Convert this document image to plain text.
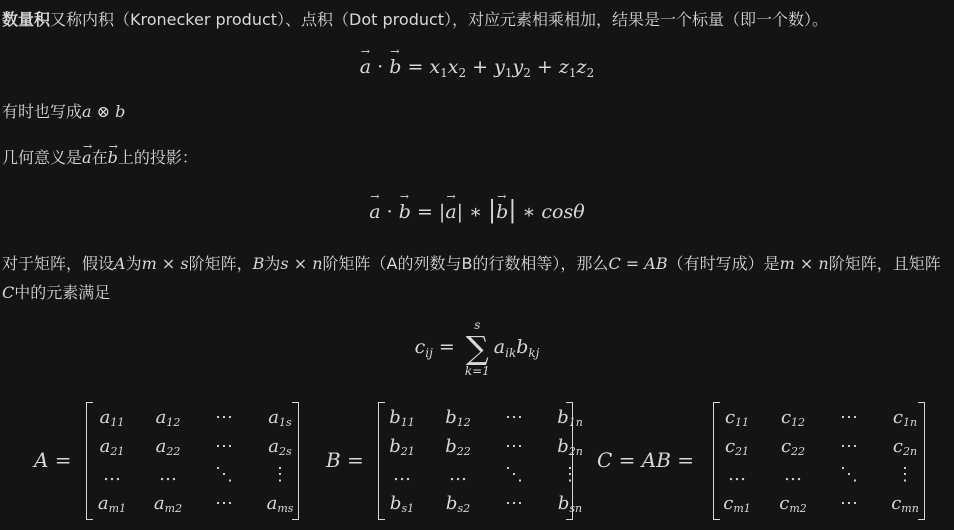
数量积又称内积（Kronecker product）、点积（Dot product），对应元素相乘相加，结果是一个标量（即一个数）。
→ a · → $b = x_1x_2 + y_1y_2 + z_1z_2$
有时也写成a ⊗ b
几何意义是→ a在→ b上的投影：
→ a · → b = |→ a| ∗ |→ b| ∗ cosθ
对于矩阵，假设A为m × s阶矩阵，B为s × n阶矩阵（A的列数与B的行数相等），那么C = AB（有时写成）是m × n阶矩阵，且矩阵C中的元素满足
$c_{ij}$ =
s
∑
k=1
$a_{ik}b_{kj}$
A =
$a_{11}$	$a_{12}$	⋯	$a_{1s}$
$a_{21}$	$a_{22}$	⋯	$a_{2s}$
…	…	⋱	⋮
$a_{m1}$	$a_{m2}$	⋯	$a_{ms}$
B =
$b_{11}$	$b_{12}$	⋯	$b_{1n}$
$b_{21}$	$b_{22}$	⋯	$b_{2n}$
…	…	⋱	⋮
$b_{s1}$	$b_{s2}$	⋯	$b_{sn}$
C = AB =
$c_{11}$	$c_{12}$	⋯	$c_{1n}$
$c_{21}$	$c_{22}$	⋯	$c_{2n}$
…	…	⋱	⋮
$c_{m1}$	$c_{m2}$	⋯	$c_{mn}$
